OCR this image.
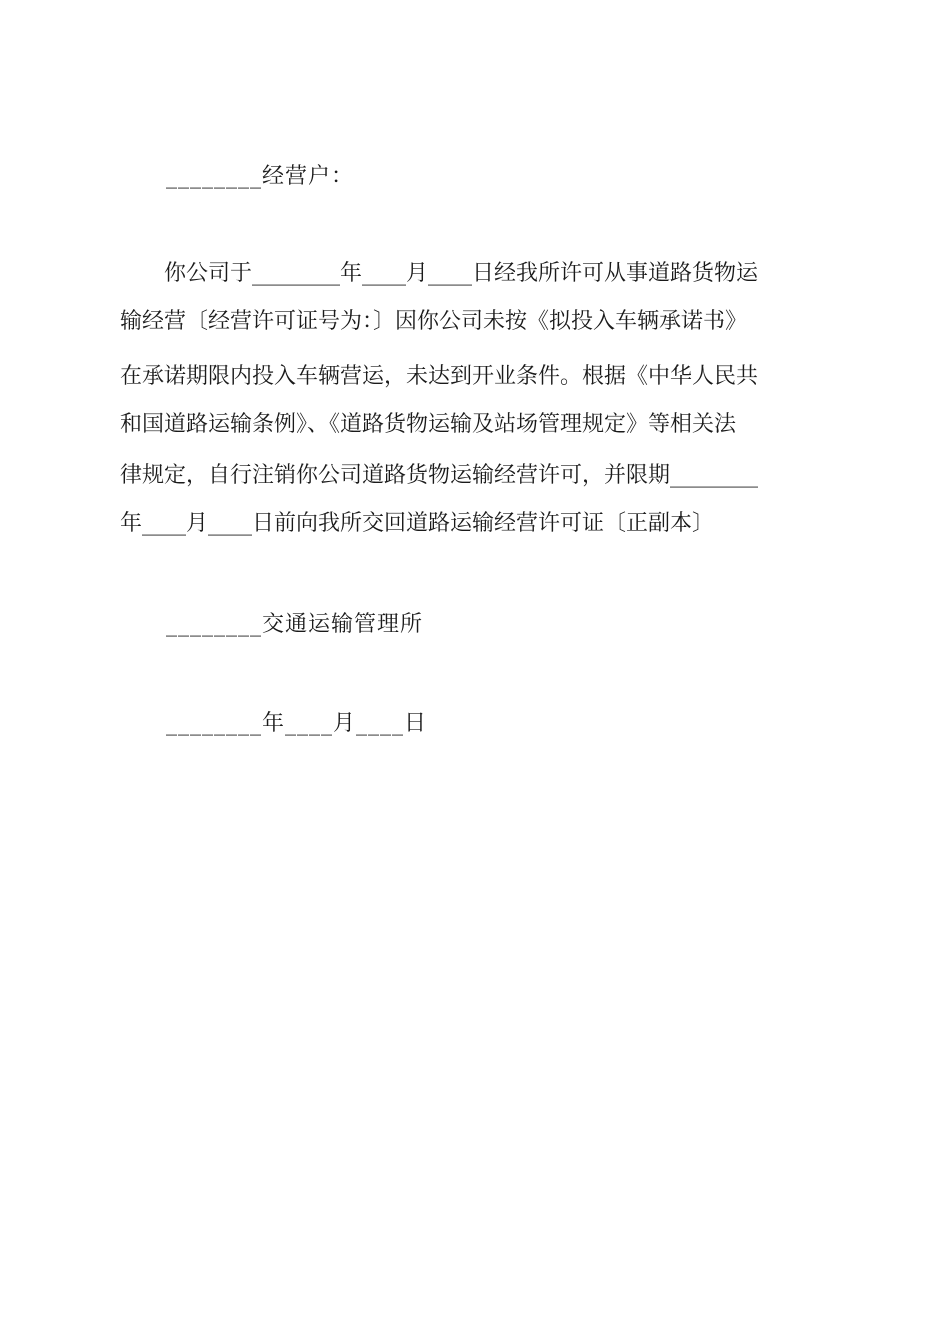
________经营户：
　　你公司于________年____月____日经我所许可从事道路货物运
输经营〔经营许可证号为：〕因你公司未按《拟投入车辆承诺书》
在承诺期限内投入车辆营运，未达到开业条件。根据《中华人民共
和国道路运输条例》、《道路货物运输及站场管理规定》等相关法
律规定，自行注销你公司道路货物运输经营许可，并限期________
年____月____日前向我所交回道路运输经营许可证〔正副本〕
________交通运输管理所
________年____月____日
